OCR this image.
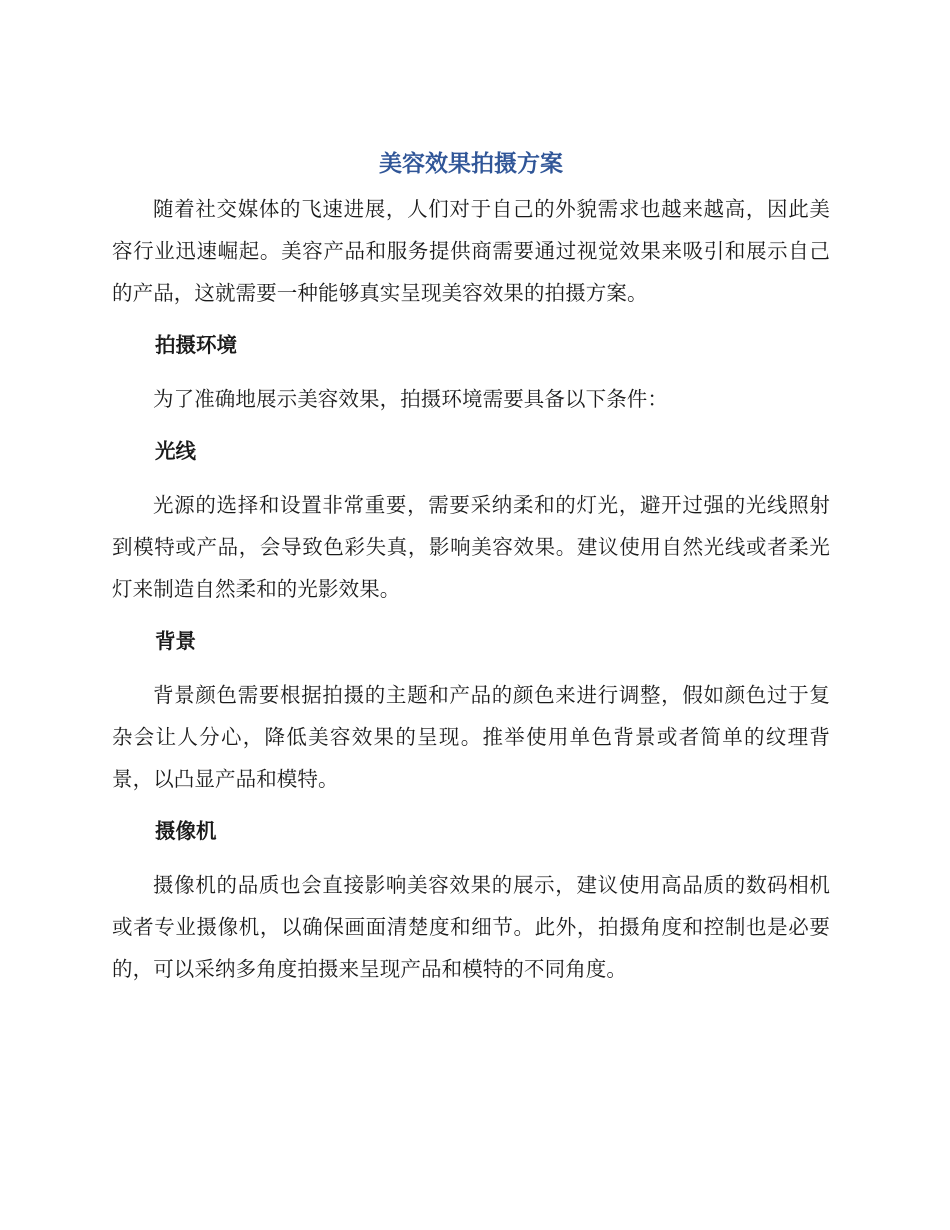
美容效果拍摄方案

随着社交媒体的飞速进展，人们对于自己的外貌需求也越来越高，因此美容行业迅速崛起。美容产品和服务提供商需要通过视觉效果来吸引和展示自己的产品，这就需要一种能够真实呈现美容效果的拍摄方案。

拍摄环境

为了准确地展示美容效果，拍摄环境需要具备以下条件：

光线

光源的选择和设置非常重要，需要采纳柔和的灯光，避开过强的光线照射到模特或产品，会导致色彩失真，影响美容效果。建议使用自然光线或者柔光灯来制造自然柔和的光影效果。

背景

背景颜色需要根据拍摄的主题和产品的颜色来进行调整，假如颜色过于复杂会让人分心，降低美容效果的呈现。推举使用单色背景或者简单的纹理背景，以凸显产品和模特。

摄像机

摄像机的品质也会直接影响美容效果的展示，建议使用高品质的数码相机或者专业摄像机，以确保画面清楚度和细节。此外，拍摄角度和控制也是必要的，可以采纳多角度拍摄来呈现产品和模特的不同角度。
